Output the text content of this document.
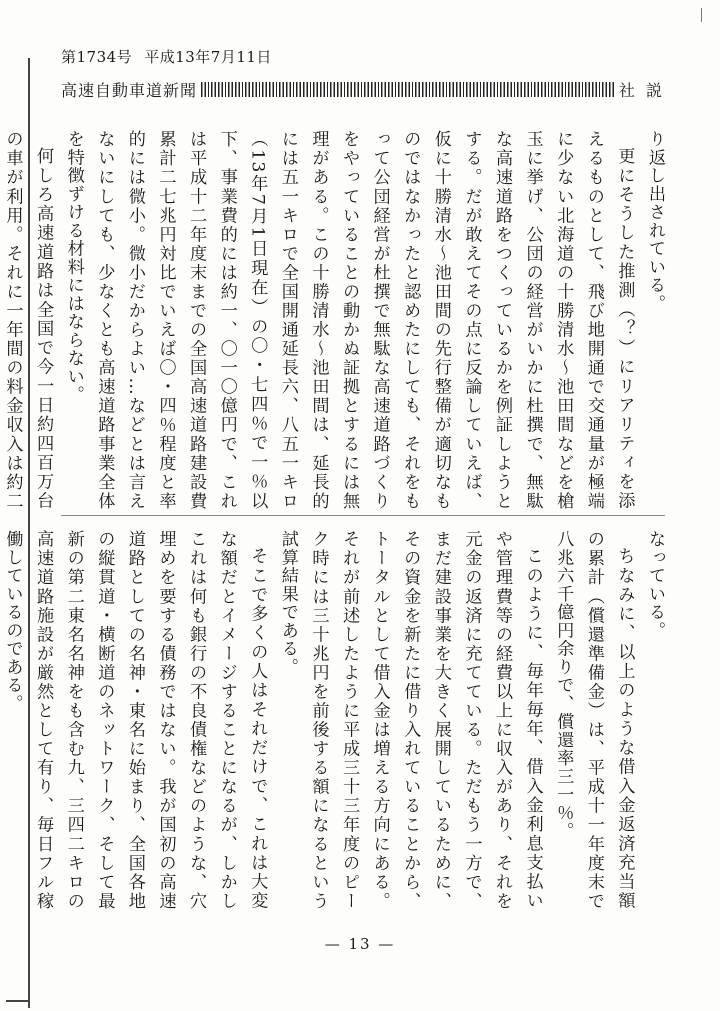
第1734号 平成13年7月11日
高速自動車道新聞	社 説

り返し出されている。

更にそうした推測（？）にリアリティを添えるものとして、飛び地開通で交通量が極端に少ない北海道の十勝清水～池田間などを槍玉に挙げ、公団の経営がいかに杜撰で、無駄な高速道路をつくっているかを例証しようとする。だが敢えてその点に反論していえば、仮に十勝清水～池田間の先行整備が適切なものではなかったと認めたにしても、それをもって公団経営が杜撰で無駄な高速道路づくりをやっていることの動かぬ証拠とするには無理がある。この十勝清水～池田間は、延長的には五一キロで全国開通延長六、八五一キロ（13年7月1日現在）の〇・七四％で一％以下、事業費的には約一、〇一〇億円で、これは平成十二年度末までの全国高速道路建設費累計二七兆円対比でいえば〇・四％程度と率的には微小。微小だからよい…などとは言えないにしても、少なくとも高速道路事業全体を特徴ずける材料にはならない。

何しろ高速道路は全国で今一日約四百万台の車が利用。それに一年間の料金収入は約二

なっている。

ちなみに、以上のような借入金返済充当額の累計（償還準備金）は、平成十一年度末で八兆六千億円余りで、償還率三一％。

このように、毎年毎年、借入金利息支払いや管理費等の経費以上に収入があり、それを元金の返済に充てている。ただもう一方で、まだ建設事業を大きく展開しているために、その資金を新たに借り入れていることから、トータルとして借入金は増える方向にある。それが前述したように平成三十三年度のピーク時には三十兆円を前後する額になるという試算結果である。

そこで多くの人はそれだけで、これは大変な額だとイメージすることになるが、しかしこれは何も銀行の不良債権などのような、穴埋めを要する債務ではない。我が国初の高速道路としての名神・東名に始まり、全国各地の縦貫道・横断道のネットワーク、そして最新の第二東名名神をも含む九、三四二キロの高速道路施設が厳然として有り、毎日フル稼働しているのである。

— 13 —
